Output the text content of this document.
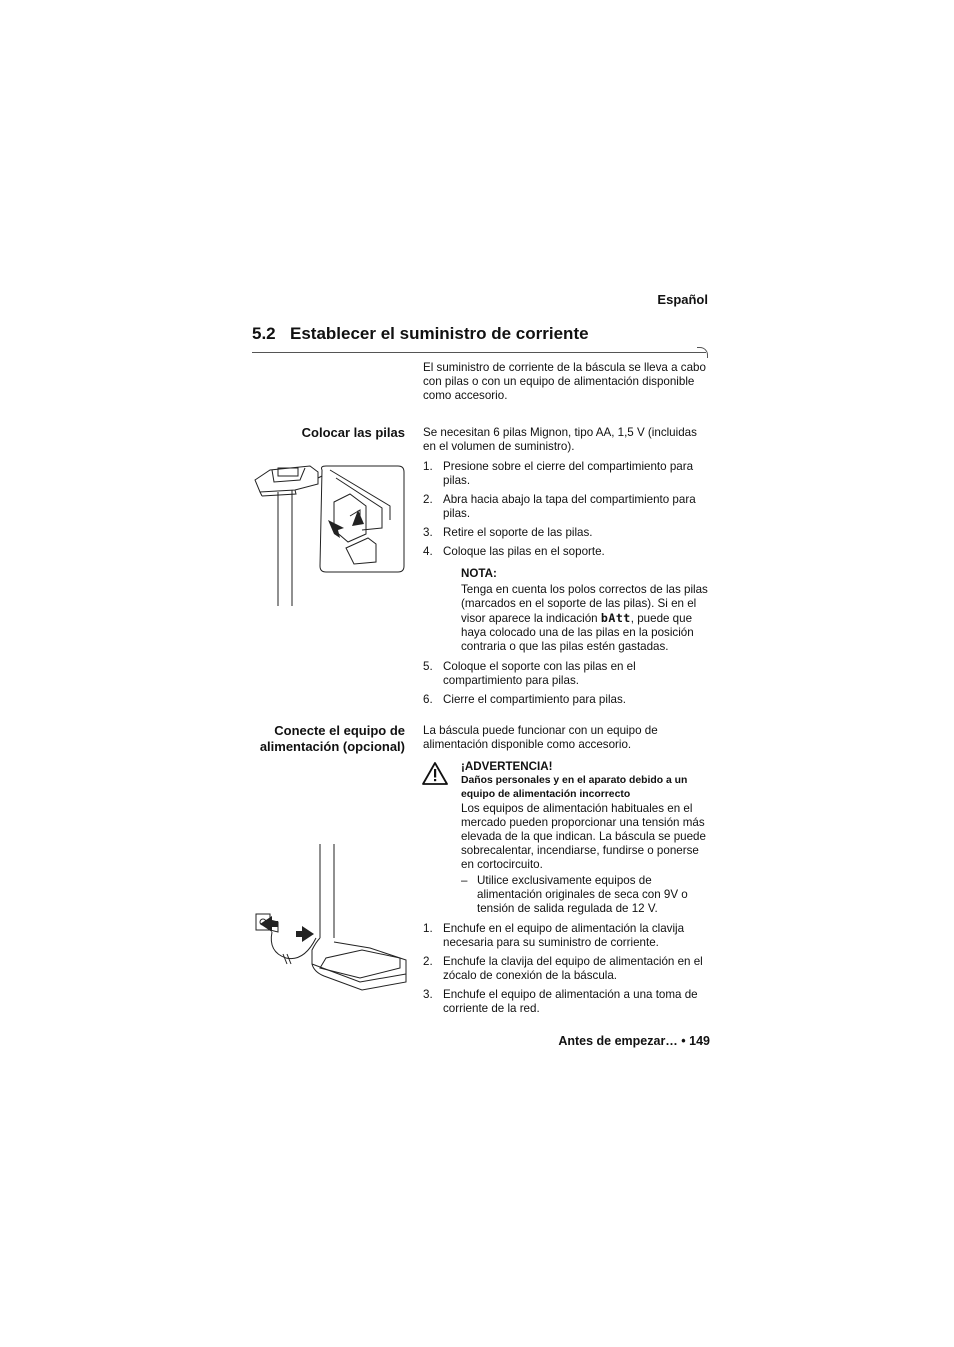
Español
5.2 Establecer el suministro de corriente

El suministro de corriente de la báscula se lleva a cabo con pilas o con un equipo de alimentación disponible como accesorio.

Colocar las pilas Se necesitan 6 pilas Mignon, tipo AA, 1,5 V (incluidas en el volumen de suministro).

1. Presione sobre el cierre del compartimiento para pilas.
2. Abra hacia abajo la tapa del compartimiento para pilas.
3. Retire el soporte de las pilas.
4. Coloque las pilas en el soporte.
NOTA:
Tenga en cuenta los polos correctos de las pilas (marcados en el soporte de las pilas). Si en el visor aparece la indicación bAtt, puede que haya colocado una de las pilas en la posición contraria o que las pilas estén gastadas.
5. Coloque el soporte con las pilas en el compartimiento para pilas.
6. Cierre el compartimiento para pilas.
Conecte el equipo de
alimentación (opcional)

La báscula puede funcionar con un equipo de alimentación disponible como accesorio.

¡ADVERTENCIA!
Daños personales y en el aparato debido a un equipo de alimentación incorrecto
Los equipos de alimentación habituales en el mercado pueden proporcionar una tensión más elevada de la que indican. La báscula se puede sobrecalentar, incendiarse, fundirse o ponerse en cortocircuito.
– Utilice exclusivamente equipos de alimentación originales de seca con 9V o tensión de salida regulada de 12 V.
1. Enchufe en el equipo de alimentación la clavija necesaria para su suministro de corriente.
2. Enchufe la clavija del equipo de alimentación en el zócalo de conexión de la báscula.
3. Enchufe el equipo de alimentación a una toma de corriente de la red.
Antes de empezar… • 149
